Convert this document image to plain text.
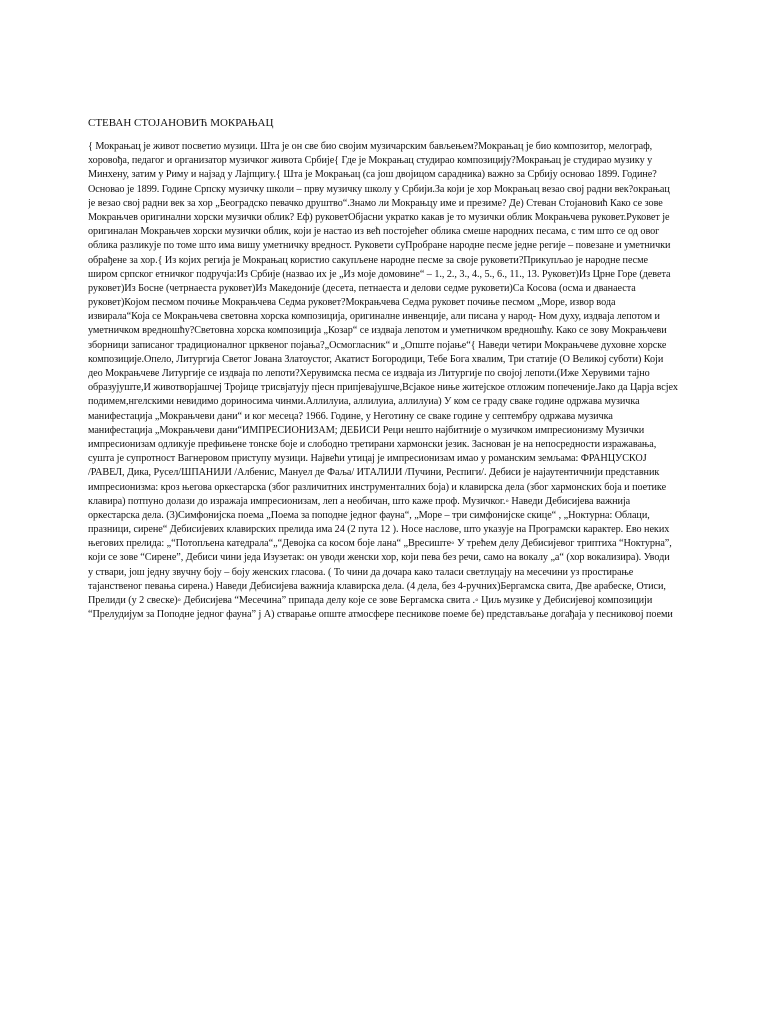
СТЕВАН СТОЈАНОВИЋ МОКРАЊАЦ
{ Мокрањац је живот посветио музици. Шта је он све био својим музичарским бављењем?Мокрањац је био композитор, мелограф,
хоровођа, педагог и организатор музичког живота Србије{ Где је Мокрањац студирао композицију?Мокрањац је студирао музику у
Минхену, затим у Риму и најзад у Лајпцигу.{ Шта је Мокрањац (са још двојицом сарадника) важно за Србију основао 1899. Године?
Основао је 1899. Године Српску музичку школи – прву музичку школу у Србији.За који је хор Мокрањац везао свој радни век?окрањац
је везао свој радни век за хор „Београдско певачко друштво“.Знамо ли Мокрањцу име и презиме? Де) Стеван Стојановић Како се зове
Мокрањчев оригинални хорски музички облик? Еф) руковетОбјасни укратко какав је то музички облик Мокрањчева руковет.Руковет је
оригиналан Мокрањчев хорски музички облик, који је настао из већ постојећег облика смеше народних песама, с тим што се од овог
облика разликује по томе што има вишу уметничку вредност. Руковети суПробране народне песме једне регије – повезане и уметнички
обрађене за хор.{ Из којих регија је Мокрањац користио сакупљене народне песме за своје руковети?Прикупљао је народне песме
широм српског етничког подручја:Из Србије (назвао их је „Из моје домовине“ – 1., 2., 3., 4., 5., 6., 11., 13. Руковет)Из Црне Горе (девета
руковет)Из Босне (четрнаеста руковет)Из Македоније (десета, петнаеста и делови седме руковети)Са Косова (осма и дванаеста
руковет)Којом песмом почиње Мокрањчева Седма руковет?Мокрањчева Седма руковет почиње песмом „Море, извор вода
извирала“Која се Мокрањчева световна хорска композиција, оригиналне инвенције, али писана у народ- Ном духу, издваја лепотом и
уметничком вредношћу?Световна хорска композиција „Козар“ се издваја лепотом и уметничком вредношћу. Како се зову Мокрањчеви
зборници записаног традиционалног црквеног појања?„Осмогласник“ и „Опште појање“{ Наведи четири Мокрањчеве духовне хорске
композиције.Опело, Литургија Светог Јована Златоустог, Акатист Богородици, Тебе Бога хвалим, Три статије (О Великој суботи) Који
део Мокрањчеве Литургије се издваја по лепоти?Херувимска песма се издваја из Литургије по својој лепоти.(Иже Херувими тајно
образујуште,И животворјашчеј Тројице трисвјатују пјесн припјевајушче,Всјакое ниње житејское отложим попеченије.Јако да Царја всјех
подимем,нгелскими невидимо дориносима чинми.Аллилуиа, аллилуиа, аллилуиа) У ком се граду сваке године одржава музичка
манифестација „Мокрањчеви дани“ и ког месеца? 1966. Године, у Неготину се сваке године у септембру одржава музичка
манифестација „Мокрањчеви дани“ИМПРЕСИОНИЗАМ; ДЕБИСИ Реци нешто најбитније о музичком импресионизму Музички
импресионизам одликује префињене тонске боје и слободно третирани хармонски језик. Заснован је на непосредности изражавања,
сушта је супротност Вагнеровом приступу музици. Највећи утицај је импресионизам имао у романским земљама: ФРАНЦУСКОЈ
/РАВЕЛ, Дика, Русел/ШПАНИЈИ /Албенис, Мануел де Фаља/ ИТАЛИЈИ /Пучини, Респиги/. Дебиси је најаутентичнији представник
импресионизма: кроз његова оркестарска (због различитних инструменталних боја) и клавирска дела (због хармонских боја и поетике
клавира) потпуно долази до изражаја импресионизам, леп а необичан, што каже проф. Музичког.◦ Наведи Дебисијева важнија
оркестарска дела. (3)Симфонијска поема „Поема за поподне једног фауна“, „Море – три симфонијске скице“ , „Ноктурна: Облаци,
празници, сирене“ Дебисијевих клавирских прелида има 24 (2 пута 12 ). Носе наслове, што указује на Програмски карактер. Ево неких
његових прелида: „“Потопљена катедрала“„“Девојка са косом боје лана“ „Вресиште◦ У трећем делу Дебисијевог триптиха “Ноктурна”,
који се зове “Сирене”, Дебиси чини једа Изузетак: он уводи женски хор, који пева без речи, само на вокалу „а“ (хор вокализира). Уводи
у ствари, још једну звучну боју – боју женских гласова. ( То чини да дочара како таласи светлуцају на месечини уз простирање
тајанственог певања сирена.) Наведи Дебисијева важнија клавирска дела. (4 дела, без 4-ручних)Бергамска свита, Две арабеске, Отиси,
Прелиди (у 2 свеске)◦ Дебисијева “Месечина” припада делу које се зове Бергамска свита .◦ Циљ музике у Дебисијевој композицији
“Прелудијум за Поподне једног фауна” ј А) стварање опште атмосфере песникове поеме бе) представљање догађаја у песниковој поеми
